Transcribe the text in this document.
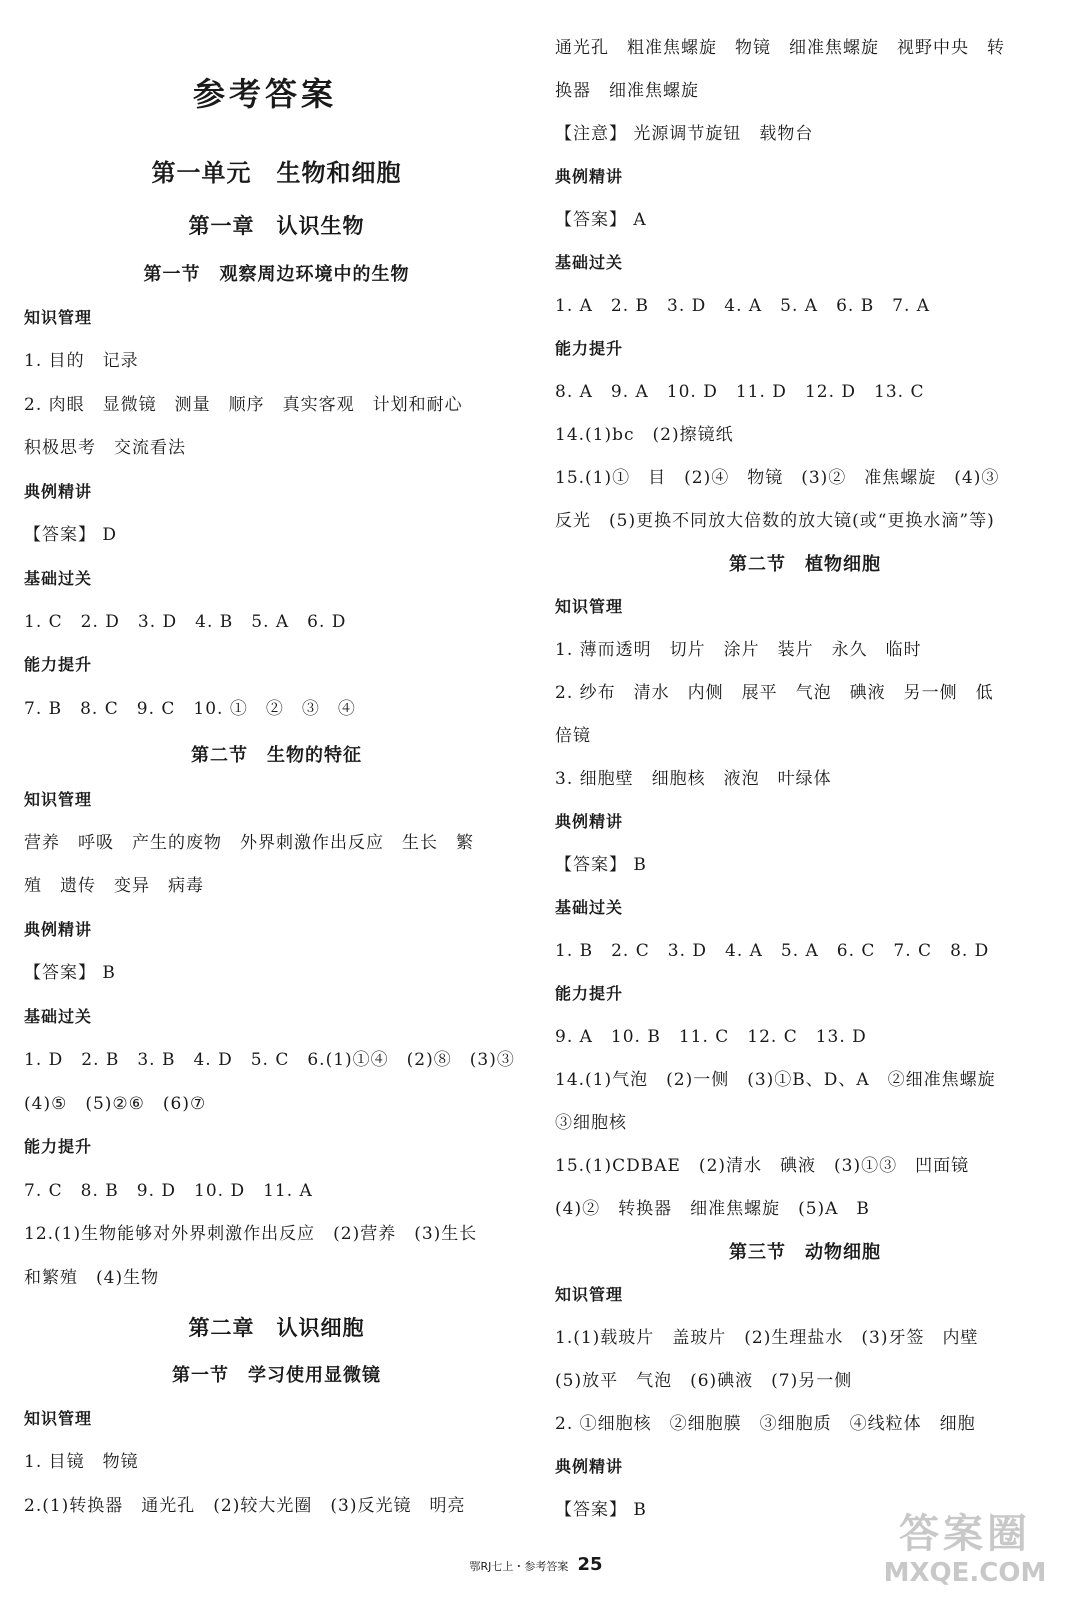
参考答案
第一单元　生物和细胞
第一章　认识生物
第一节　观察周边环境中的生物
知识管理
1. 目的　记录
2. 肉眼　显微镜　测量　顺序　真实客观　计划和耐心
积极思考　交流看法
典例精讲
【答案】 D
基础过关
1. C　2. D　3. D　4. B　5. A　6. D
能力提升
7. B　8. C　9. C　10. ①　②　③　④
第二节　生物的特征
知识管理
营养　呼吸　产生的废物　外界刺激作出反应　生长　繁
殖　遗传　变异　病毒
典例精讲
【答案】 B
基础过关
1. D　2. B　3. B　4. D　5. C　6.(1)①④　(2)⑧　(3)③
(4)⑤　(5)②⑥　(6)⑦
能力提升
7. C　8. B　9. D　10. D　11. A
12.(1)生物能够对外界刺激作出反应　(2)营养　(3)生长
和繁殖　(4)生物
第二章　认识细胞
第一节　学习使用显微镜
知识管理
1. 目镜　物镜
2.(1)转换器　通光孔　(2)较大光圈　(3)反光镜　明亮
通光孔　粗准焦螺旋　物镜　细准焦螺旋　视野中央　转
换器　细准焦螺旋
【注意】 光源调节旋钮　载物台
典例精讲
【答案】 A
基础过关
1. A　2. B　3. D　4. A　5. A　6. B　7. A
能力提升
8. A　9. A　10. D　11. D　12. D　13. C
14.(1)bc　(2)擦镜纸
15.(1)①　目　(2)④　物镜　(3)②　准焦螺旋　(4)③
反光　(5)更换不同放大倍数的放大镜(或“更换水滴”等)
第二节　植物细胞
知识管理
1. 薄而透明　切片　涂片　装片　永久　临时
2. 纱布　清水　内侧　展平　气泡　碘液　另一侧　低
倍镜
3. 细胞壁　细胞核　液泡　叶绿体
典例精讲
【答案】 B
基础过关
1. B　2. C　3. D　4. A　5. A　6. C　7. C　8. D
能力提升
9. A　10. B　11. C　12. C　13. D
14.(1)气泡　(2)一侧　(3)①B、D、A　②细准焦螺旋
③细胞核
15.(1)CDBAE　(2)清水　碘液　(3)①③　凹面镜
(4)②　转换器　细准焦螺旋　(5)A　B
第三节　动物细胞
知识管理
1.(1)载玻片　盖玻片　(2)生理盐水　(3)牙签　内壁
(5)放平　气泡　(6)碘液　(7)另一侧
2. ①细胞核　②细胞膜　③细胞质　④线粒体　细胞
典例精讲
【答案】 B
鄂RJ七上・参考答案 25
答案圈
MXQE.COM
